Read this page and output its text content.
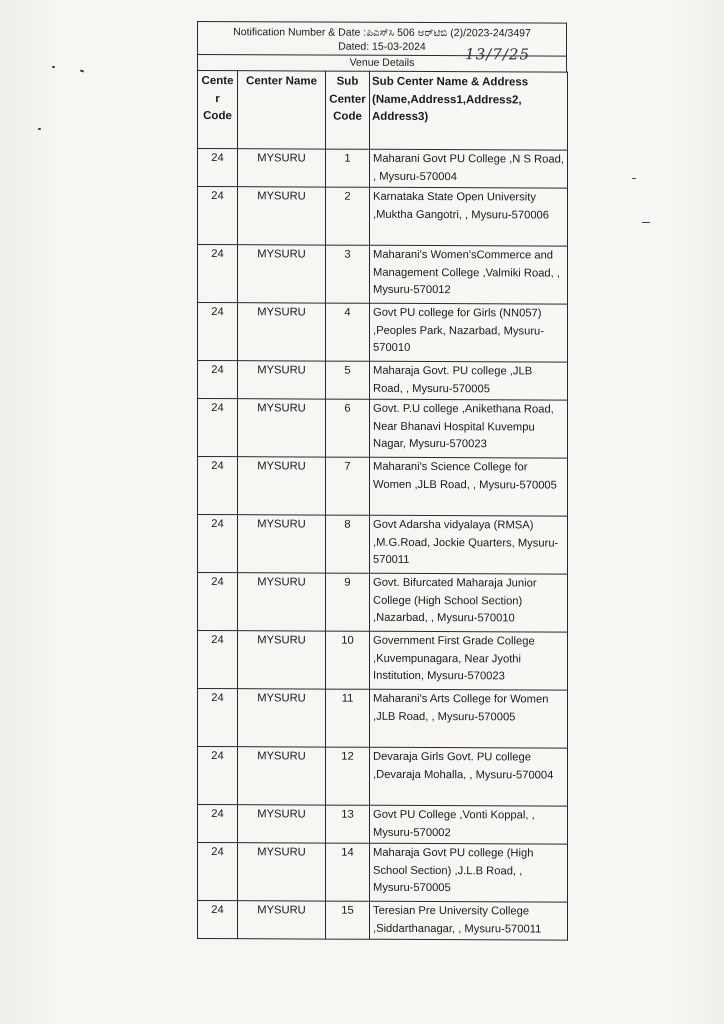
Notification Number & Date :ಪಿಎಸ್‌ಸಿ 506 ಅರ್‌ಟಿಬಿ (2)/2023-24/3497
Dated: 15-03-2024
Venue Details	13/7/25
Cente r Code	Center Name	Sub Center Code	Sub Center Name & Address (Name,Address1,Address2, Address3)
24	MYSURU	1	Maharani Govt PU College ,N S Road, , Mysuru-570004
24	MYSURU	2	Karnataka State Open University ,Muktha Gangotri, , Mysuru-570006
24	MYSURU	3	Maharani's Women'sCommerce and Management College ,Valmiki Road, , Mysuru-570012
24	MYSURU	4	Govt PU college for Girls (NN057) ,Peoples Park, Nazarbad, Mysuru-570010
24	MYSURU	5	Maharaja Govt. PU college ,JLB Road, , Mysuru-570005
24	MYSURU	6	Govt. P.U college ,Anikethana Road, Near Bhanavi Hospital Kuvempu Nagar, Mysuru-570023
24	MYSURU	7	Maharani's Science College for Women ,JLB Road, , Mysuru-570005
24	MYSURU	8	Govt Adarsha vidyalaya (RMSA) ,M.G.Road, Jockie Quarters, Mysuru-570011
24	MYSURU	9	Govt. Bifurcated Maharaja Junior College (High School Section) ,Nazarbad, , Mysuru-570010
24	MYSURU	10	Government First Grade College ,Kuvempunagara, Near Jyothi Institution, Mysuru-570023
24	MYSURU	11	Maharani's Arts College for Women ,JLB Road, , Mysuru-570005
24	MYSURU	12	Devaraja Girls Govt. PU college ,Devaraja Mohalla, , Mysuru-570004
24	MYSURU	13	Govt PU College ,Vonti Koppal, , Mysuru-570002
24	MYSURU	14	Maharaja Govt PU college (High School Section) ,J.L.B Road, , Mysuru-570005
24	MYSURU	15	Teresian Pre University College ,Siddarthanagar, , Mysuru-570011
